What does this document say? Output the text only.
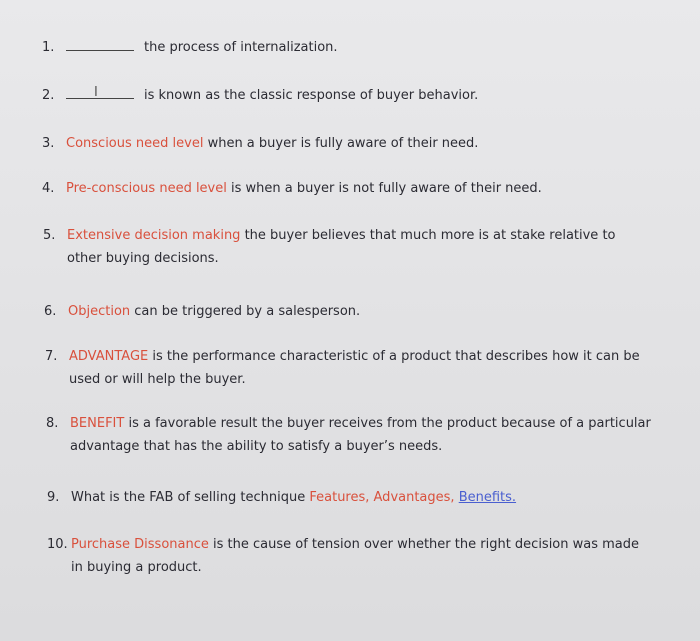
1.	the process of internalization.
2.	I	is known as the classic response of buyer behavior.
3. Conscious need level when a buyer is fully aware of their need.
4. Pre-conscious need level is when a buyer is not fully aware of their need.
5. Extensive decision making the buyer believes that much more is at stake relative to
other buying decisions.
6. Objection can be triggered by a salesperson.
7. ADVANTAGE is the performance characteristic of a product that describes how it can be
used or will help the buyer.
8. BENEFIT is a favorable result the buyer receives from the product because of a particular
advantage that has the ability to satisfy a buyer’s needs.
9. What is the FAB of selling technique Features, Advantages, Benefits.
10. Purchase Dissonance is the cause of tension over whether the right decision was made
in buying a product.
